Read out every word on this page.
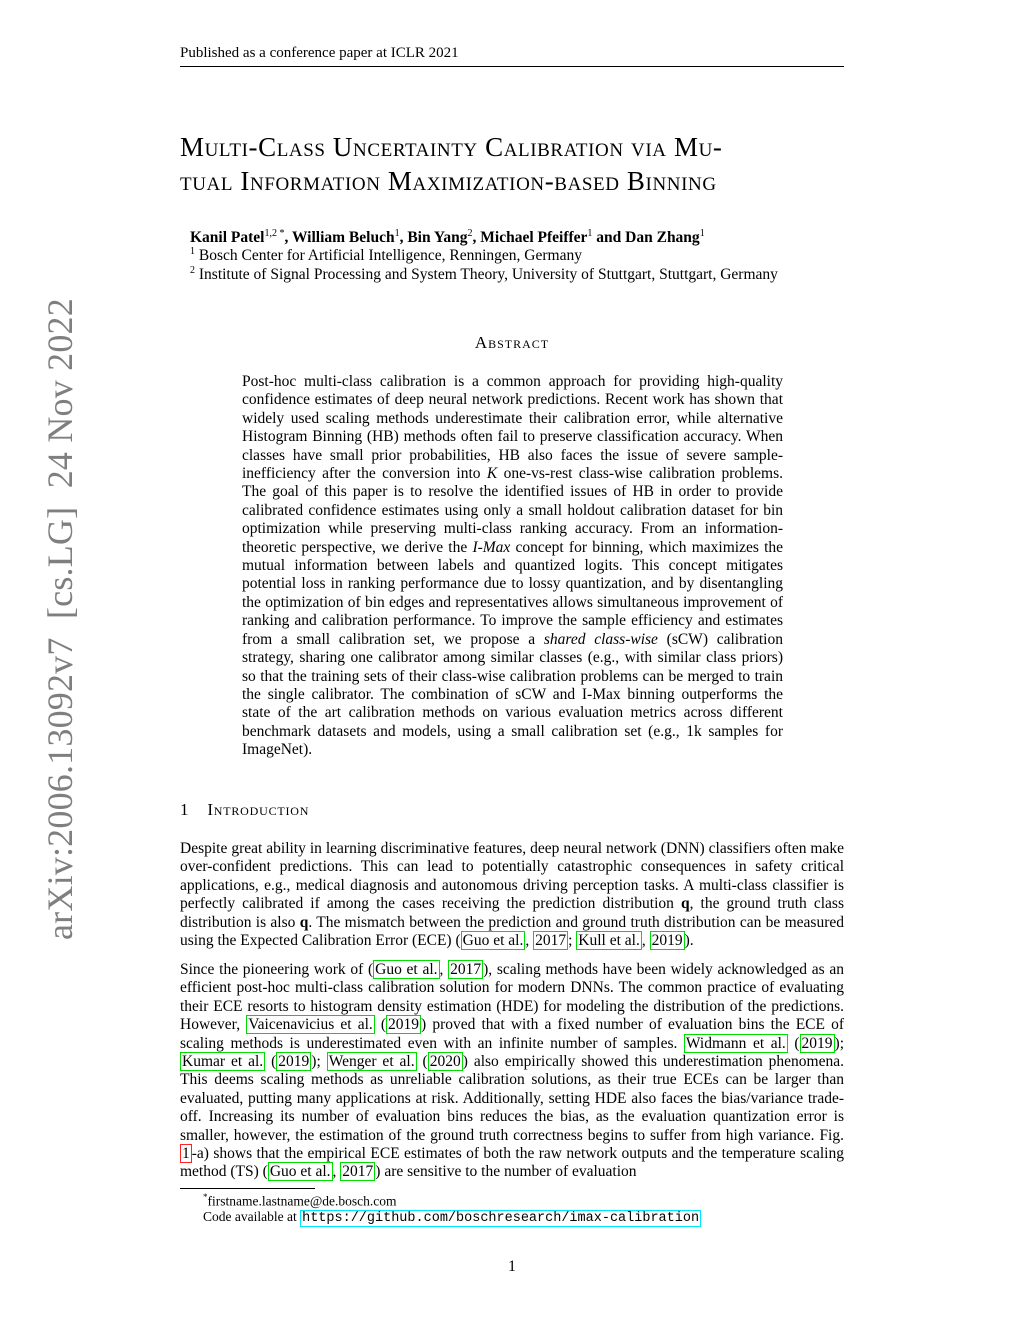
Published as a conference paper at ICLR 2021
arXiv:2006.13092v7  [cs.LG]  24 Nov 2022
Multi-Class Uncertainty Calibration via Mu-
tual Information Maximization-based Binning
Kanil Patel$^{1,2}$ *, William Beluch$^1$, Bin Yang$^2$, Michael Pfeiffer$^1$ and Dan Zhang$^1$
$^1$ Bosch Center for Artificial Intelligence, Renningen, Germany
$^2$ Institute of Signal Processing and System Theory, University of Stuttgart, Stuttgart, Germany
Abstract
Post-hoc multi-class calibration is a common approach for providing high-quality confidence estimates of deep neural network predictions. Recent work has shown that widely used scaling methods underestimate their calibration error, while alternative Histogram Binning (HB) methods often fail to preserve classification accuracy. When classes have small prior probabilities, HB also faces the issue of severe sample-inefficiency after the conversion into K one-vs-rest class-wise calibration problems. The goal of this paper is to resolve the identified issues of HB in order to provide calibrated confidence estimates using only a small holdout calibration dataset for bin optimization while preserving multi-class ranking accuracy. From an information-theoretic perspective, we derive the I-Max concept for binning, which maximizes the mutual information between labels and quantized logits. This concept mitigates potential loss in ranking performance due to lossy quantization, and by disentangling the optimization of bin edges and representatives allows simultaneous improvement of ranking and calibration performance. To improve the sample efficiency and estimates from a small calibration set, we propose a shared class-wise (sCW) calibration strategy, sharing one calibrator among similar classes (e.g., with similar class priors) so that the training sets of their class-wise calibration problems can be merged to train the single calibrator. The combination of sCW and I-Max binning outperforms the state of the art calibration methods on various evaluation metrics across different benchmark datasets and models, using a small calibration set (e.g., 1k samples for ImageNet).
1 Introduction
Despite great ability in learning discriminative features, deep neural network (DNN) classifiers often make over-confident predictions. This can lead to potentially catastrophic consequences in safety critical applications, e.g., medical diagnosis and autonomous driving perception tasks. A multi-class classifier is perfectly calibrated if among the cases receiving the prediction distribution q, the ground truth class distribution is also q. The mismatch between the prediction and ground truth distribution can be measured using the Expected Calibration Error (ECE) ( Guo et al. , 2017 ; Kull et al. , 2019 ).
Since the pioneering work of ( Guo et al. , 2017 ), scaling methods have been widely acknowledged as an efficient post-hoc multi-class calibration solution for modern DNNs. The common practice of evaluating their ECE resorts to histogram density estimation (HDE) for modeling the distribution of the predictions. However, Vaicenavicius et al. ( 2019 ) proved that with a fixed number of evaluation bins the ECE of scaling methods is underestimated even with an infinite number of samples. Widmann et al. ( 2019 ); Kumar et al. ( 2019 ); Wenger et al. ( 2020 ) also empirically showed this underestimation phenomena. This deems scaling methods as unreliable calibration solutions, as their true ECEs can be larger than evaluated, putting many applications at risk. Additionally, setting HDE also faces the bias/variance trade-off. Increasing its number of evaluation bins reduces the bias, as the evaluation quantization error is smaller, however, the estimation of the ground truth correctness begins to suffer from high variance. Fig. 1 -a) shows that the empirical ECE estimates of both the raw network outputs and the temperature scaling method (TS) ( Guo et al. , 2017 ) are sensitive to the number of evaluation
*firstname.lastname@de.bosch.com
Code available at https://github.com/boschresearch/imax-calibration
1
